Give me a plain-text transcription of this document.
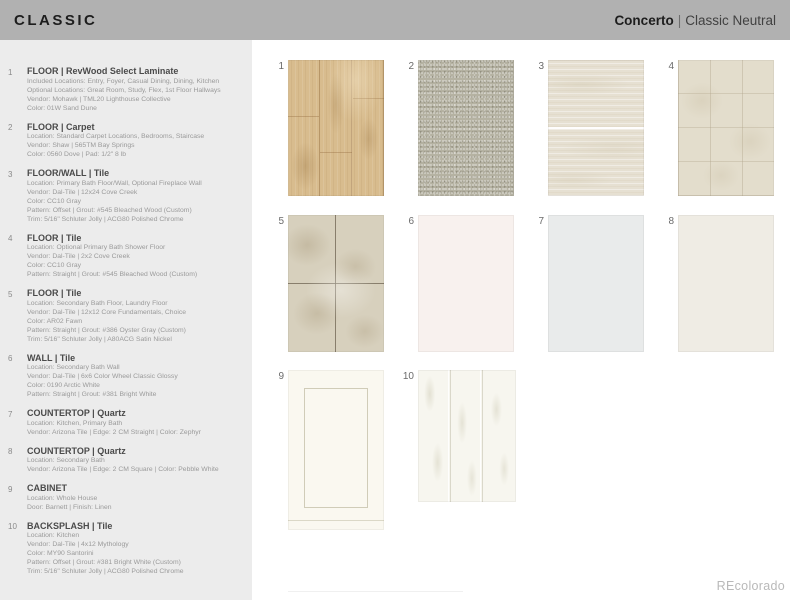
CLASSIC	Concerto | Classic Neutral
1	FLOOR | RevWood Select Laminate
Included Locations: Entry, Foyer, Casual Dining, Dining, Kitchen
Optional Locations: Great Room, Study, Flex, 1st Floor Hallways
Vendor: Mohawk | TML20 Lighthouse Collective
Color: 01W Sand Dune
2	FLOOR | Carpet
Location: Standard Carpet Locations, Bedrooms, Staircase
Vendor: Shaw | 565TM Bay Springs
Color: 0560 Dove | Pad: 1/2" 8 lb
3	FLOOR/WALL | Tile
Location: Primary Bath Floor/Wall, Optional Fireplace Wall
Vendor: Dal-Tile | 12x24 Cove Creek
Color: CC10 Gray
Pattern: Offset | Grout: #545 Bleached Wood (Custom)
Trim: 5/16" Schluter Jolly | ACG80 Polished Chrome
4	FLOOR | Tile
Location: Optional Primary Bath Shower Floor
Vendor: Dal-Tile | 2x2 Cove Creek
Color: CC10 Gray
Pattern: Straight | Grout: #545 Bleached Wood (Custom)
5	FLOOR | Tile
Location: Secondary Bath Floor, Laundry Floor
Vendor: Dal-Tile | 12x12 Core Fundamentals, Choice
Color: AR02 Fawn
Pattern: Straight | Grout: #386 Oyster Gray (Custom)
Trim: 5/16" Schluter Jolly | A80ACG Satin Nickel
6	WALL | Tile
Location: Secondary Bath Wall
Vendor: Dal-Tile | 6x6 Color Wheel Classic Glossy
Color: 0190 Arctic White
Pattern: Straight | Grout: #381 Bright White
7	COUNTERTOP | Quartz
Location: Kitchen, Primary Bath
Vendor: Arizona Tile | Edge: 2 CM Straight | Color: Zephyr
8	COUNTERTOP | Quartz
Location: Secondary Bath
Vendor: Arizona Tile | Edge: 2 CM Square | Color: Pebble White
9	CABINET
Location: Whole House
Door: Barnett | Finish: Linen
10	BACKSPLASH | Tile
Location: Kitchen
Vendor: Dal-Tile | 4x12 Mythology
Color: MY90 Santorini
Pattern: Offset | Grout: #381 Bright White (Custom)
Trim: 5/16" Schluter Jolly | ACG80 Polished Chrome
1	2	3	4
5	6	7	8
9	10
REcolorado
